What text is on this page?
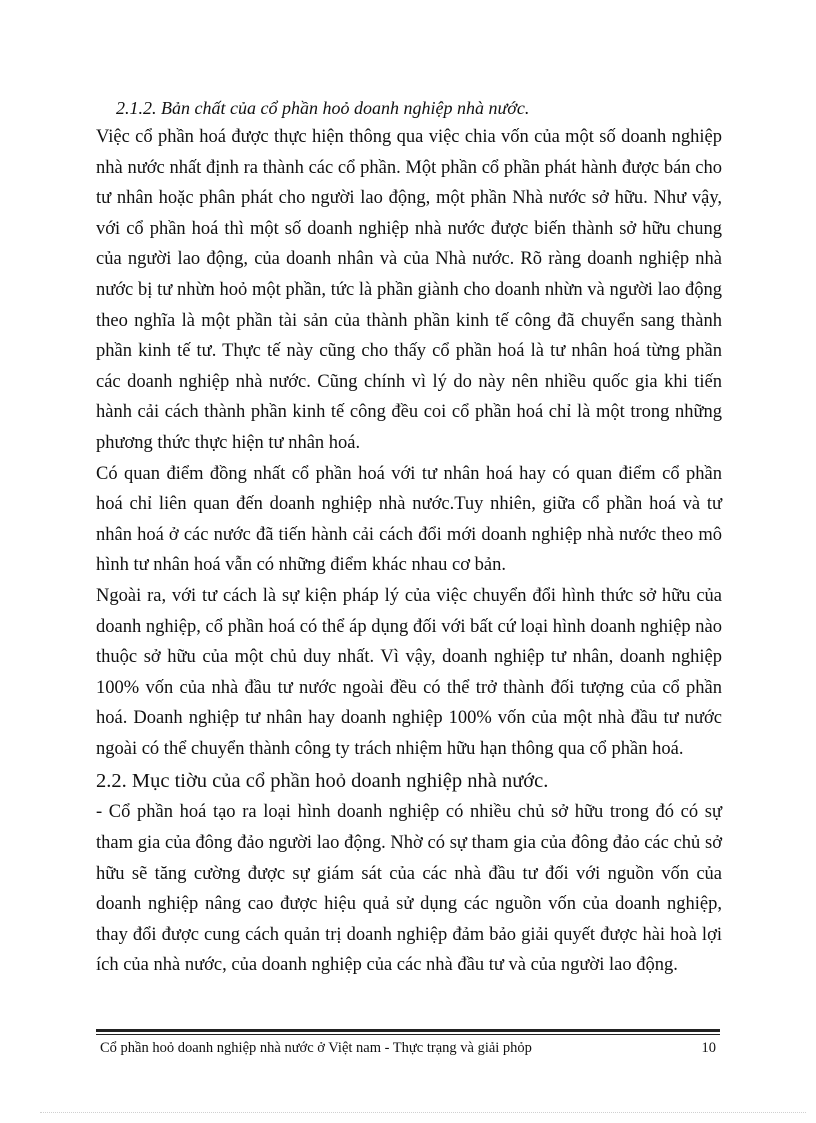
2.1.2. Bản chất của cổ phần hoỏ doanh nghiệp nhà nước.

Việc cổ phần hoá được thực hiện thông qua việc chia vốn của một số doanh nghiệp nhà nước nhất định ra thành các cổ phần. Một phần cổ phần phát hành được bán cho tư nhân hoặc phân phát cho người lao động, một phần Nhà nước sở hữu. Như vậy, với cổ phần hoá thì một số doanh nghiệp nhà nước được biến thành sở hữu chung của người lao động, của doanh nhân và của Nhà nước. Rõ ràng doanh nghiệp nhà nước bị tư nhừn hoỏ một phần, tức là phần giành cho doanh nhừn và người lao động theo nghĩa là một phần tài sản của thành phần kinh tế công đã chuyển sang thành phần kinh tế tư. Thực tế này cũng cho thấy cổ phần hoá là tư nhân hoá từng phần các doanh nghiệp nhà nước. Cũng chính vì lý do này nên nhiều quốc gia khi tiến hành cải cách thành phần kinh tế công đều coi cổ phần hoá chỉ là một trong những phương thức thực hiện tư nhân hoá.

Có quan điểm đồng nhất cổ phần hoá với tư nhân hoá hay có quan điểm cổ phần hoá chỉ liên quan đến doanh nghiệp nhà nước.Tuy nhiên, giữa cổ phần hoá và tư nhân hoá ở các nước đã tiến hành cải cách đổi mới doanh nghiệp nhà nước theo mô hình tư nhân hoá vẫn có những điểm khác nhau cơ bản.

Ngoài ra, với tư cách là sự kiện pháp lý của việc chuyển đổi hình thức sở hữu của doanh nghiệp, cổ phần hoá có thể áp dụng đối với bất cứ loại hình doanh nghiệp nào thuộc sở hữu của một chủ duy nhất. Vì vậy, doanh nghiệp tư nhân, doanh nghiệp 100% vốn của nhà đầu tư nước ngoài đều có thể trở thành đối tượng của cổ phần hoá. Doanh nghiệp tư nhân hay doanh nghiệp 100% vốn của một nhà đầu tư nước ngoài có thể chuyển thành công ty trách nhiệm hữu hạn thông qua cổ phần hoá.

2.2. Mục tiờu của cổ phần hoỏ doanh nghiệp nhà nước.

- Cổ phần hoá tạo ra loại hình doanh nghiệp có nhiều chủ sở hữu trong đó có sự tham gia của đông đảo người lao động. Nhờ có sự tham gia của đông đảo các chủ sở hữu sẽ tăng cường được sự giám sát của các nhà đầu tư đối với nguồn vốn của doanh nghiệp nâng cao được hiệu quả sử dụng các nguồn vốn của doanh nghiệp, thay đổi được cung cách quản trị doanh nghiệp đảm bảo giải quyết được hài hoà lợi ích của nhà nước, của doanh nghiệp của các nhà đầu tư và của người lao động.

Cổ phần hoỏ doanh nghiệp nhà nước ở Việt nam - Thực trạng và giải phỏp	10
